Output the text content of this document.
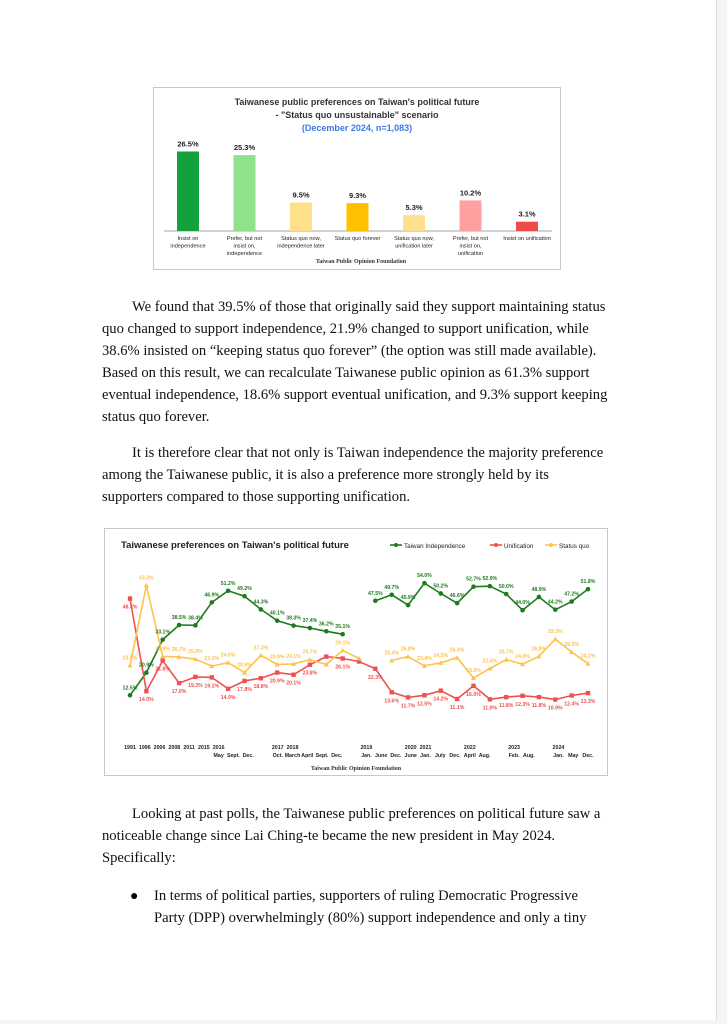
Taiwanese public preferences on Taiwan's political future
- "Status quo unsustainable" scenario
(December 2024, n=1,083)
26.5%
Insist on
independence
25.3%
Prefer, but not
insist on,
independence
9.5%
Status quo now,
independence later
9.3%
Status quo forever
5.3%
Status quo now,
unification later
10.2%
Prefer, but not
insist on,
unification
3.1%
Insist on unification
Taiwan Public Opinion Foundation

We found that 39.5% of those that originally said they support maintaining status quo changed to support independence, 21.9% changed to support unification, while 38.6% insisted on “keeping status quo forever” (the option was still made available). Based on this result, we can recalculate Taiwanese public opinion as 61.3% support eventual independence, 18.6% support eventual unification, and 9.3% support keeping status quo forever.

It is therefore clear that not only is Taiwan independence the majority preference among the Taiwanese public, it is also a preference more strongly held by its supporters compared to those supporting unification.

Taiwanese preferences on Taiwan's political future	Taiwan Independence	Unification	Status quo
12.5%
20.9%
33.1%
38.5% 38.4%
46.9%
51.2%
49.2%
44.3%
40.1%
38.3% 37.4%
36.2% 35.1%
47.5%
49.7%
45.9%
54.0%
50.2%
46.6%
52.7% 52.9%
50.0%
44.0%
48.9%
44.2%
47.2%
51.8%
48.3%
14.0%
21.8%
17.0%
19.3% 19.1%
14.9%
17.8% 18.8%
20.9% 20.1%
23.8%
26.1%
22.3%
13.6%
11.7% 12.5%
14.2%
11.1%
16.0%
11.0% 11.8% 12.3% 11.8% 10.9%
12.4% 13.3%
23.5%
53.2%
26.9% 26.7% 25.9%
23.3%
24.6%
20.9%
27.3%
23.9% 24.1%
25.7%
29.1%
25.4%
26.8%
23.4% 24.5%
26.4%
18.9%
22.4%
25.7%
24.0%
26.9%
33.3%
28.5%
24.2%
1991 1996 2006 2008 2011 2015 2016	2017 2018	2019	2020 2021	2022	2023	2024
May Sept. Dec.	Oct. March April Sept. Dec.	Jan. June Dec. June Jan. July Dec. April Aug.	Feb. Aug.	Jan. May Dec.
Taiwan Public Opinion Foundation

Looking at past polls, the Taiwanese public preferences on political future saw a noticeable change since Lai Ching-te became the new president in May 2024. Specifically:

● In terms of political parties, supporters of ruling Democratic Progressive Party (DPP) overwhelmingly (80%) support independence and only a tiny
